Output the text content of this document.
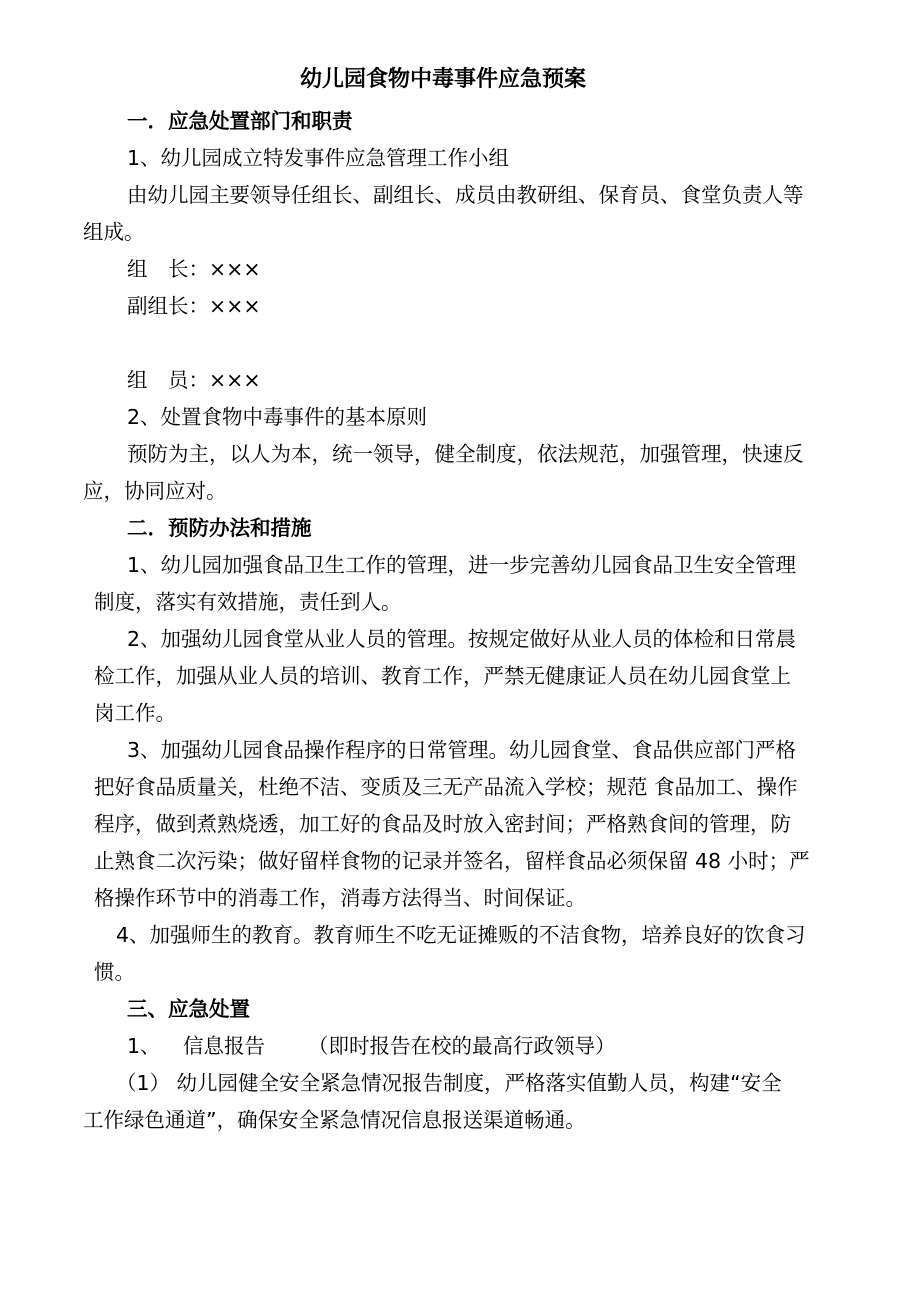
幼儿园食物中毒事件应急预案
一．应急处置部门和职责
1、幼儿园成立特发事件应急管理工作小组
由幼儿园主要领导任组长、副组长、成员由教研组、保育员、食堂负责人等
组成。
组　长：×××
副组长：×××
组　员：×××
2、处置食物中毒事件的基本原则
预防为主，以人为本，统一领导，健全制度，依法规范，加强管理，快速反
应，协同应对。
二．预防办法和措施
1、幼儿园加强食品卫生工作的管理，进一步完善幼儿园食品卫生安全管理
制度，落实有效措施，责任到人。
2、加强幼儿园食堂从业人员的管理。按规定做好从业人员的体检和日常晨
检工作，加强从业人员的培训、教育工作，严禁无健康证人员在幼儿园食堂上
岗工作。
3、加强幼儿园食品操作程序的日常管理。幼儿园食堂、食品供应部门严格
把好食品质量关，杜绝不洁、变质及三无产品流入学校；规范 食品加工、操作
程序，做到煮熟烧透，加工好的食品及时放入密封间；严格熟食间的管理，防
止熟食二次污染；做好留样食物的记录并签名，留样食品必须保留 48 小时；严
格操作环节中的消毒工作，消毒方法得当、时间保证。
4、加强师生的教育。教育师生不吃无证摊贩的不洁食物，培养良好的饮食习
惯。
三、应急处置
1、 信息报告 （即时报告在校的最高行政领导）
（1） 幼儿园健全安全紧急情况报告制度，严格落实值勤人员，构建“安全
工作绿色通道”，确保安全紧急情况信息报送渠道畅通。
